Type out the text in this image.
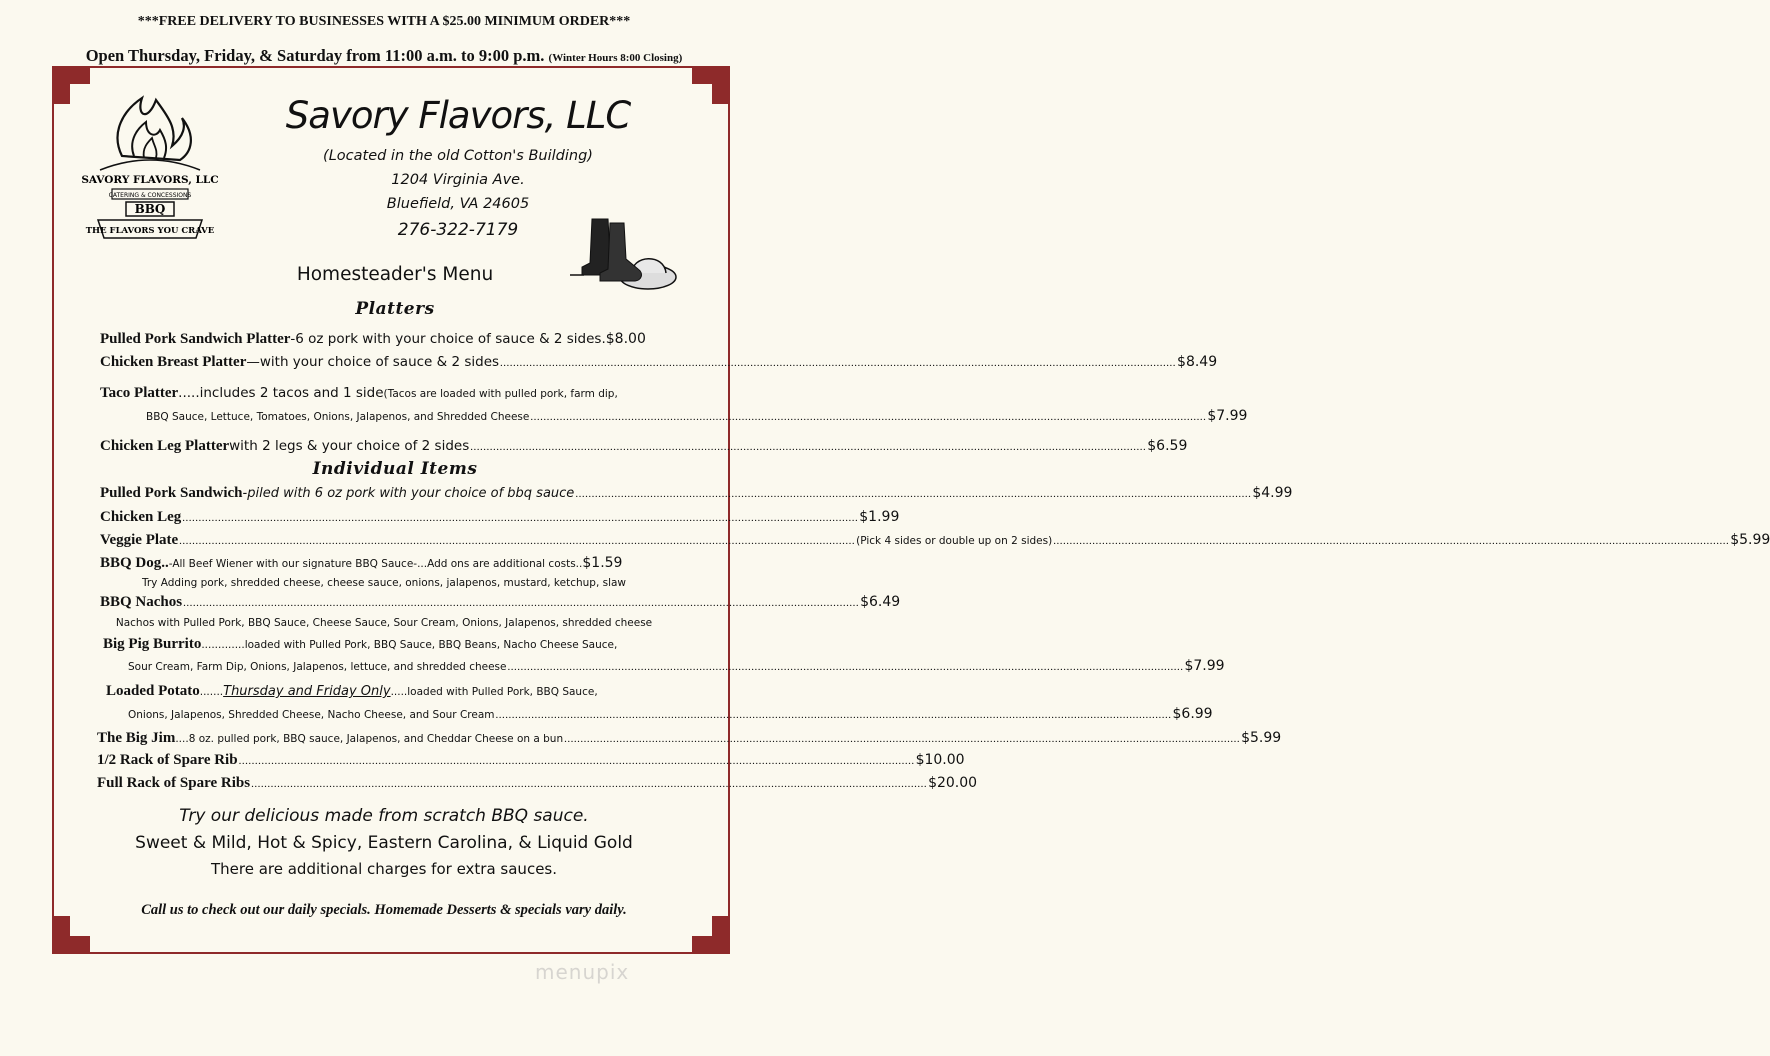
***FREE DELIVERY TO BUSINESSES WITH A $25.00 MINIMUM ORDER***
Open Thursday, Friday, & Saturday from 11:00 a.m. to 9:00 p.m. (Winter Hours 8:00 Closing)
SAVORY FLAVORS, LLC
CATERING & CONCESSIONS
BBQ
THE FLAVORS YOU CRAVE
Savory Flavors, LLC
(Located in the old Cotton's Building)
1204 Virginia Ave.
Bluefield, VA 24605
276-322-7179
Homesteader's Menu
Platters
Pulled Pork Sandwich Platter -6 oz pork with your choice of sauce & 2 sides. $8.00
Chicken Breast Platter —with your choice of sauce & 2 sides .....	$8.49
Taco Platter .....includes 2 tacos and 1 side (Tacos are loaded with pulled pork, farm dip,
BBQ Sauce, Lettuce, Tomatoes, Onions, Jalapenos, and Shredded Cheese .....	$7.99
Chicken Leg Platter with 2 legs & your choice of 2 sides .....	$6.59
Individual Items
Pulled Pork Sandwich -piled with 6 oz pork with your choice of bbq sauce .....	$4.99
Chicken Leg .....	$1.99
Veggie Plate .....	(Pick 4 sides or double up on 2 sides) .....	$5.99
BBQ Dog.. -All Beef Wiener with our signature BBQ Sauce-...Add ons are additional costs.. $1.59
Try Adding pork, shredded cheese, cheese sauce, onions, jalapenos, mustard, ketchup, slaw
BBQ Nachos .....	$6.49
Nachos with Pulled Pork, BBQ Sauce, Cheese Sauce, Sour Cream, Onions, Jalapenos, shredded cheese
Big Pig Burrito .............loaded with Pulled Pork, BBQ Sauce, BBQ Beans, Nacho Cheese Sauce,
Sour Cream, Farm Dip, Onions, Jalapenos, lettuce, and shredded cheese .....	$7.99
Loaded Potato ....... Thursday and Friday Only .....loaded with Pulled Pork, BBQ Sauce,
Onions, Jalapenos, Shredded Cheese, Nacho Cheese, and Sour Cream .....	$6.99
The Big Jim ....8 oz. pulled pork, BBQ sauce, Jalapenos, and Cheddar Cheese on a bun .....	$5.99
1/2 Rack of Spare Rib .....	$10.00
Full Rack of Spare Ribs .....	$20.00
Try our delicious made from scratch BBQ sauce.
Sweet & Mild, Hot & Spicy, Eastern Carolina, & Liquid Gold
There are additional charges for extra sauces.
Call us to check out our daily specials. Homemade Desserts & specials vary daily.
menupix
